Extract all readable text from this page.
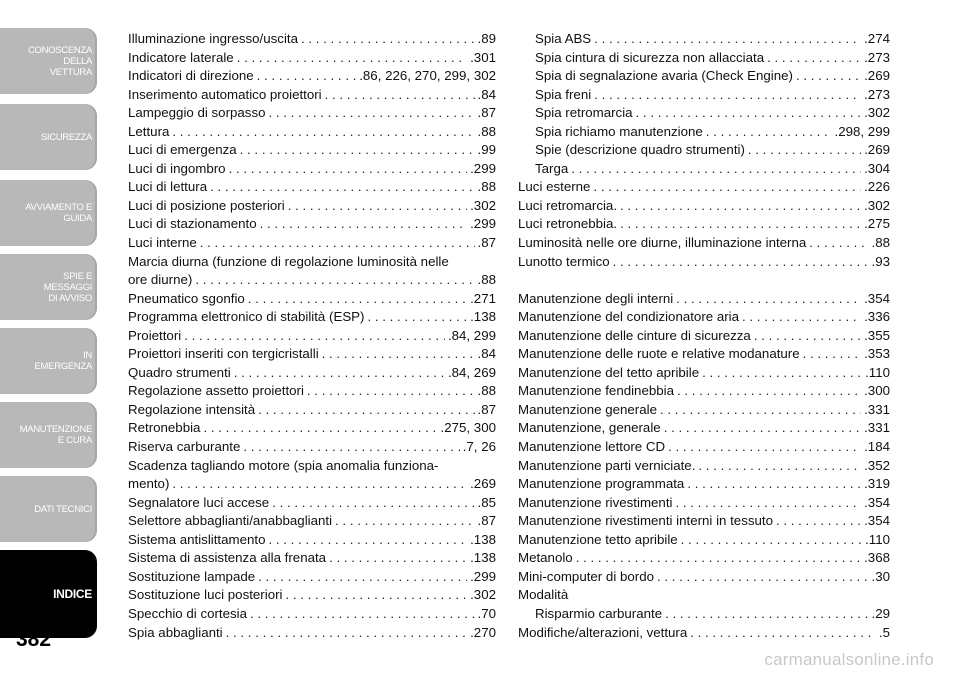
CONOSCENZA DELLA
VETTURA
SICUREZZA
AVVIAMENTO E
GUIDA
SPIE E
MESSAGGI
DI AVVISO
IN
EMERGENZA
MANUTENZIONE
E CURA
DATI TECNICI
INDICE
382
Illuminazione ingresso/uscita . . .	.89
Indicatore laterale . . .	.301
Indicatori di direzione . . .	.86, 226, 270, 299, 302
Inserimento automatico proiettori . . .	.84
Lampeggio di sorpasso . . .	.87
Lettura . . .	.88
Luci di emergenza . . .	.99
Luci di ingombro . . .	.299
Luci di lettura . . .	.88
Luci di posizione posteriori . . .	.302
Luci di stazionamento . . .	.299
Luci interne . . .	.87
Marcia diurna (funzione di regolazione luminosità nelle
ore diurne) . . .	.88
Pneumatico sgonfio . . .	.271
Programma elettronico di stabilità (ESP) . . .	.138
Proiettori . . .	.84, 299
Proiettori inseriti con tergicristalli . . .	.84
Quadro strumenti . . .	.84, 269
Regolazione assetto proiettori . . .	.88
Regolazione intensità . . .	.87
Retronebbia . . .	.275, 300
Riserva carburante . . .	.7, 26
Scadenza tagliando motore (spia anomalia funziona-
mento) . . .	.269
Segnalatore luci accese . . .	.85
Selettore abbaglianti/anabbaglianti . . .	.87
Sistema antislittamento . . .	.138
Sistema di assistenza alla frenata . . .	.138
Sostituzione lampade . . .	.299
Sostituzione luci posteriori . . .	.302
Specchio di cortesia . . .	.70
Spia abbaglianti . . .	.270
Spia ABS . . .	.274
Spia cintura di sicurezza non allacciata . . .	.273
Spia di segnalazione avaria (Check Engine) . . .	.269
Spia freni . . .	.273
Spia retromarcia . . .	.302
Spia richiamo manutenzione . . .	.298, 299
Spie (descrizione quadro strumenti) . . .	.269
Targa . . .	.304
Luci esterne . . .	.226
Luci retromarcia. . . .	.302
Luci retronebbia. . . .	.275
Luminosità nelle ore diurne, illuminazione interna . . .	.88
Lunotto termico . . .	.93
Manutenzione degli interni . . .	.354
Manutenzione del condizionatore aria . . .	.336
Manutenzione delle cinture di sicurezza . . .	.355
Manutenzione delle ruote e relative modanature . . .	.353
Manutenzione del tetto apribile . . .	.110
Manutenzione fendinebbia . . .	.300
Manutenzione generale . . .	.331
Manutenzione, generale . . .	.331
Manutenzione lettore CD . . .	.184
Manutenzione parti verniciate. . . .	.352
Manutenzione programmata . . .	.319
Manutenzione rivestimenti . . .	.354
Manutenzione rivestimenti interni in tessuto . . .	.354
Manutenzione tetto apribile . . .	.110
Metanolo . . .	.368
Mini-computer di bordo . . .	.30
Modalità
Risparmio carburante . . .	.29
Modifiche/alterazioni, vettura . . .	.5
carmanualsonline.info
